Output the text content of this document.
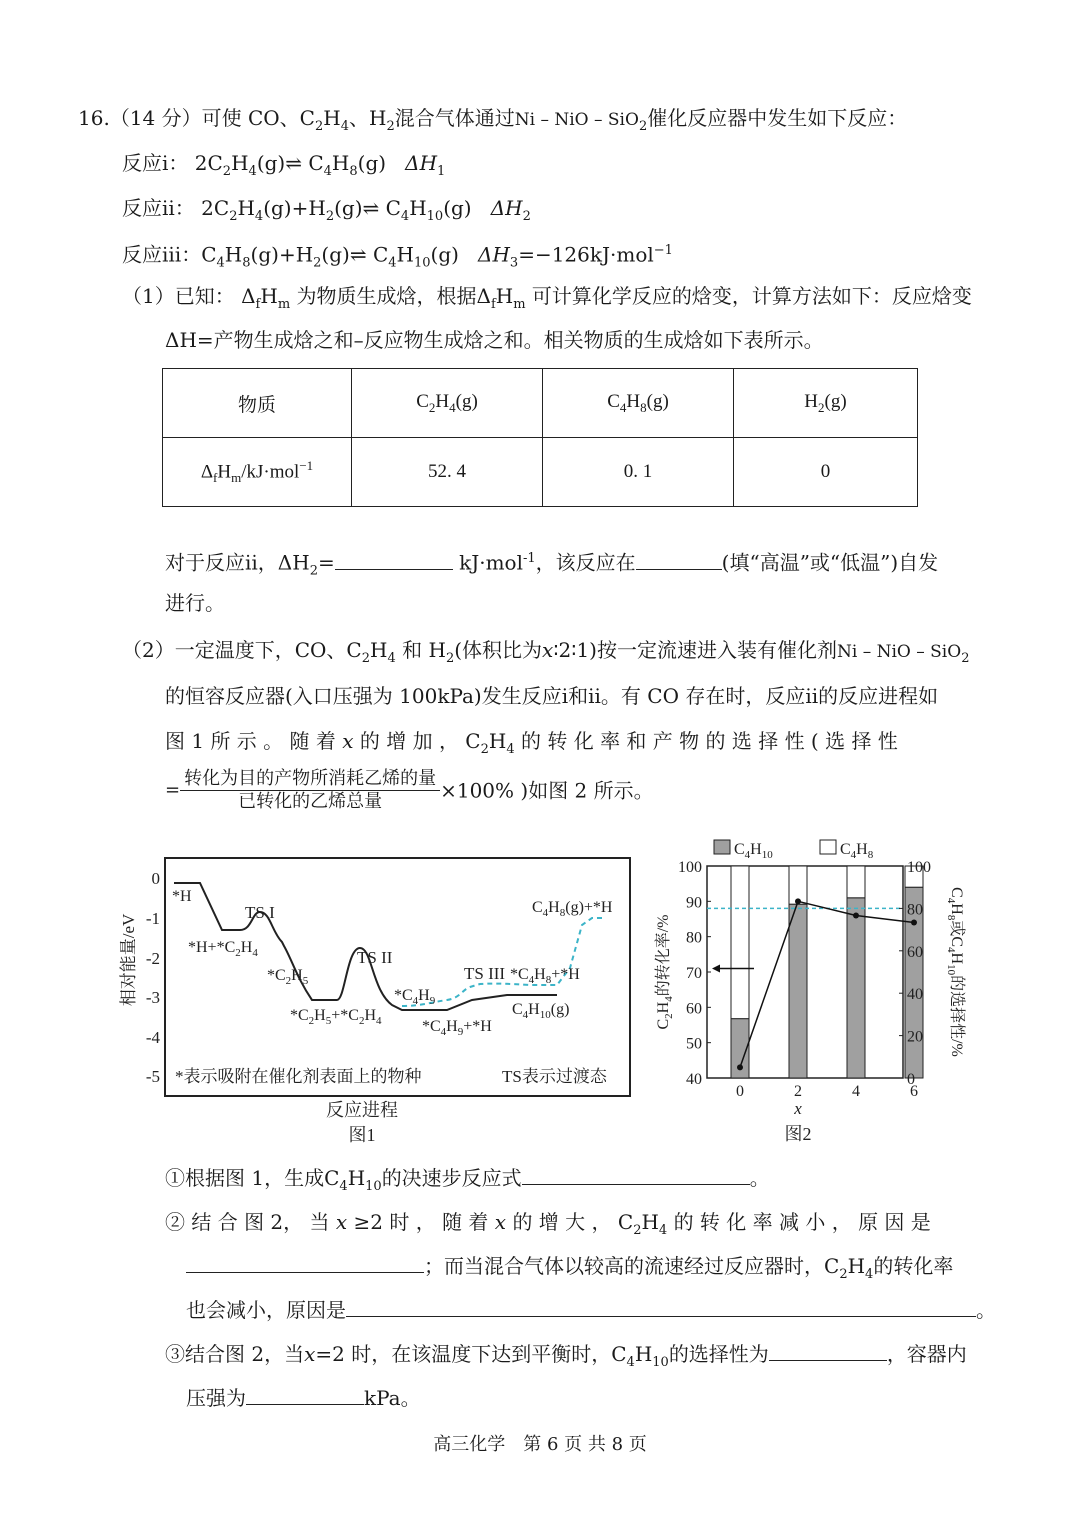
16.（14 分）可使 CO、$C_2H_4$、$H_2$混合气体通过Ni – NiO – SiO$_2$催化反应器中发生如下反应：
反应ⅰ： $2C_2H_4(g)\rightleftharpoons$ $C_4H_8(g)$   $\Delta H_1$
反应ⅱ： $2C_2H_4(g)+H_2(g)\rightleftharpoons$ $C_4H_{10}(g)$   $\Delta H_2$
反应ⅲ：$C_4H_8(g)+H_2(g)\rightleftharpoons$ $C_4H_{10}(g)$   $\Delta H_3=-126kJ\cdot mol^{-1}$
（1）已知： $\Delta_fH_m$ 为物质生成焓，根据$\Delta_fH_m$ 可计算化学反应的焓变，计算方法如下：反应焓变
ΔH=产物生成焓之和–反应物生成焓之和。相关物质的生成焓如下表所示。
物质	$C_2H_4(g)$	$C_4H_8(g)$	$H_2(g)$
$\Delta_fH_m/kJ\cdot mol^{-1}$	52. 4	0. 1	0
对于反应ⅱ，$\Delta H_2=$	kJ·mol$^{-1}$，该反应在	(填“高温”或“低温”)自发
进行。
（2）一定温度下，CO、$C_2H_4$ 和 $H_2$(体积比为x∶2∶1)按一定流速进入装有催化剂Ni – NiO – SiO$_2$
的恒容反应器(入口压强为 100kPa)发生反应ⅰ和ⅱ。有 CO 存在时，反应ⅱ的反应进程如
图 1 所 示 。 随 着 x 的 增 加 ， $C_2H_4$ 的 转 化 率 和 产 物 的 选 择 性 ( 选 择 性
= $\frac{\text{转化为目的产物所消耗乙烯的量}}{\text{已转化的乙烯总量}} \times 100\%$ )如图 2 所示。
0
-1
-2
-3
-4
-5
相对能量/eV
*H
$*H+*C_2H_4$
TS I
$*C_2H_5$
TS II
$*C_2H_5+*C_2H_4$
$*C_4H_9$
$*C_4H_9+*H$
TS III $*C_4H_8+*H$
$C_4H_8(g)+*H$
$C_4H_{10}(g)$
*表示吸附在催化剂表面上的物种	TS表示过渡态
反应进程
图1
$C_4H_{10}$	$C_4H_8$
0	2	4	6
40
50
60
70
80
90
100
0
20
40
60
80
100
$C_2H_4$的转化率/%
$C_4H_8$或$C_4H_{10}$的选择性/%
x
图2
①根据图 1，生成$C_4H_{10}$的决速步反应式	。
② 结 合 图 2， 当 x ≥2 时 ， 随 着 x 的 增 大 ， $C_2H_4$ 的 转 化 率 减 小 ， 原 因 是
；而当混合气体以较高的流速经过反应器时，$C_2H_4$的转化率
也会减小，原因是	。
③结合图 2，当x=2 时，在该温度下达到平衡时，$C_4H_{10}$的选择性为	，容器内
压强为	kPa。
高三化学　第 6 页 共 8 页
